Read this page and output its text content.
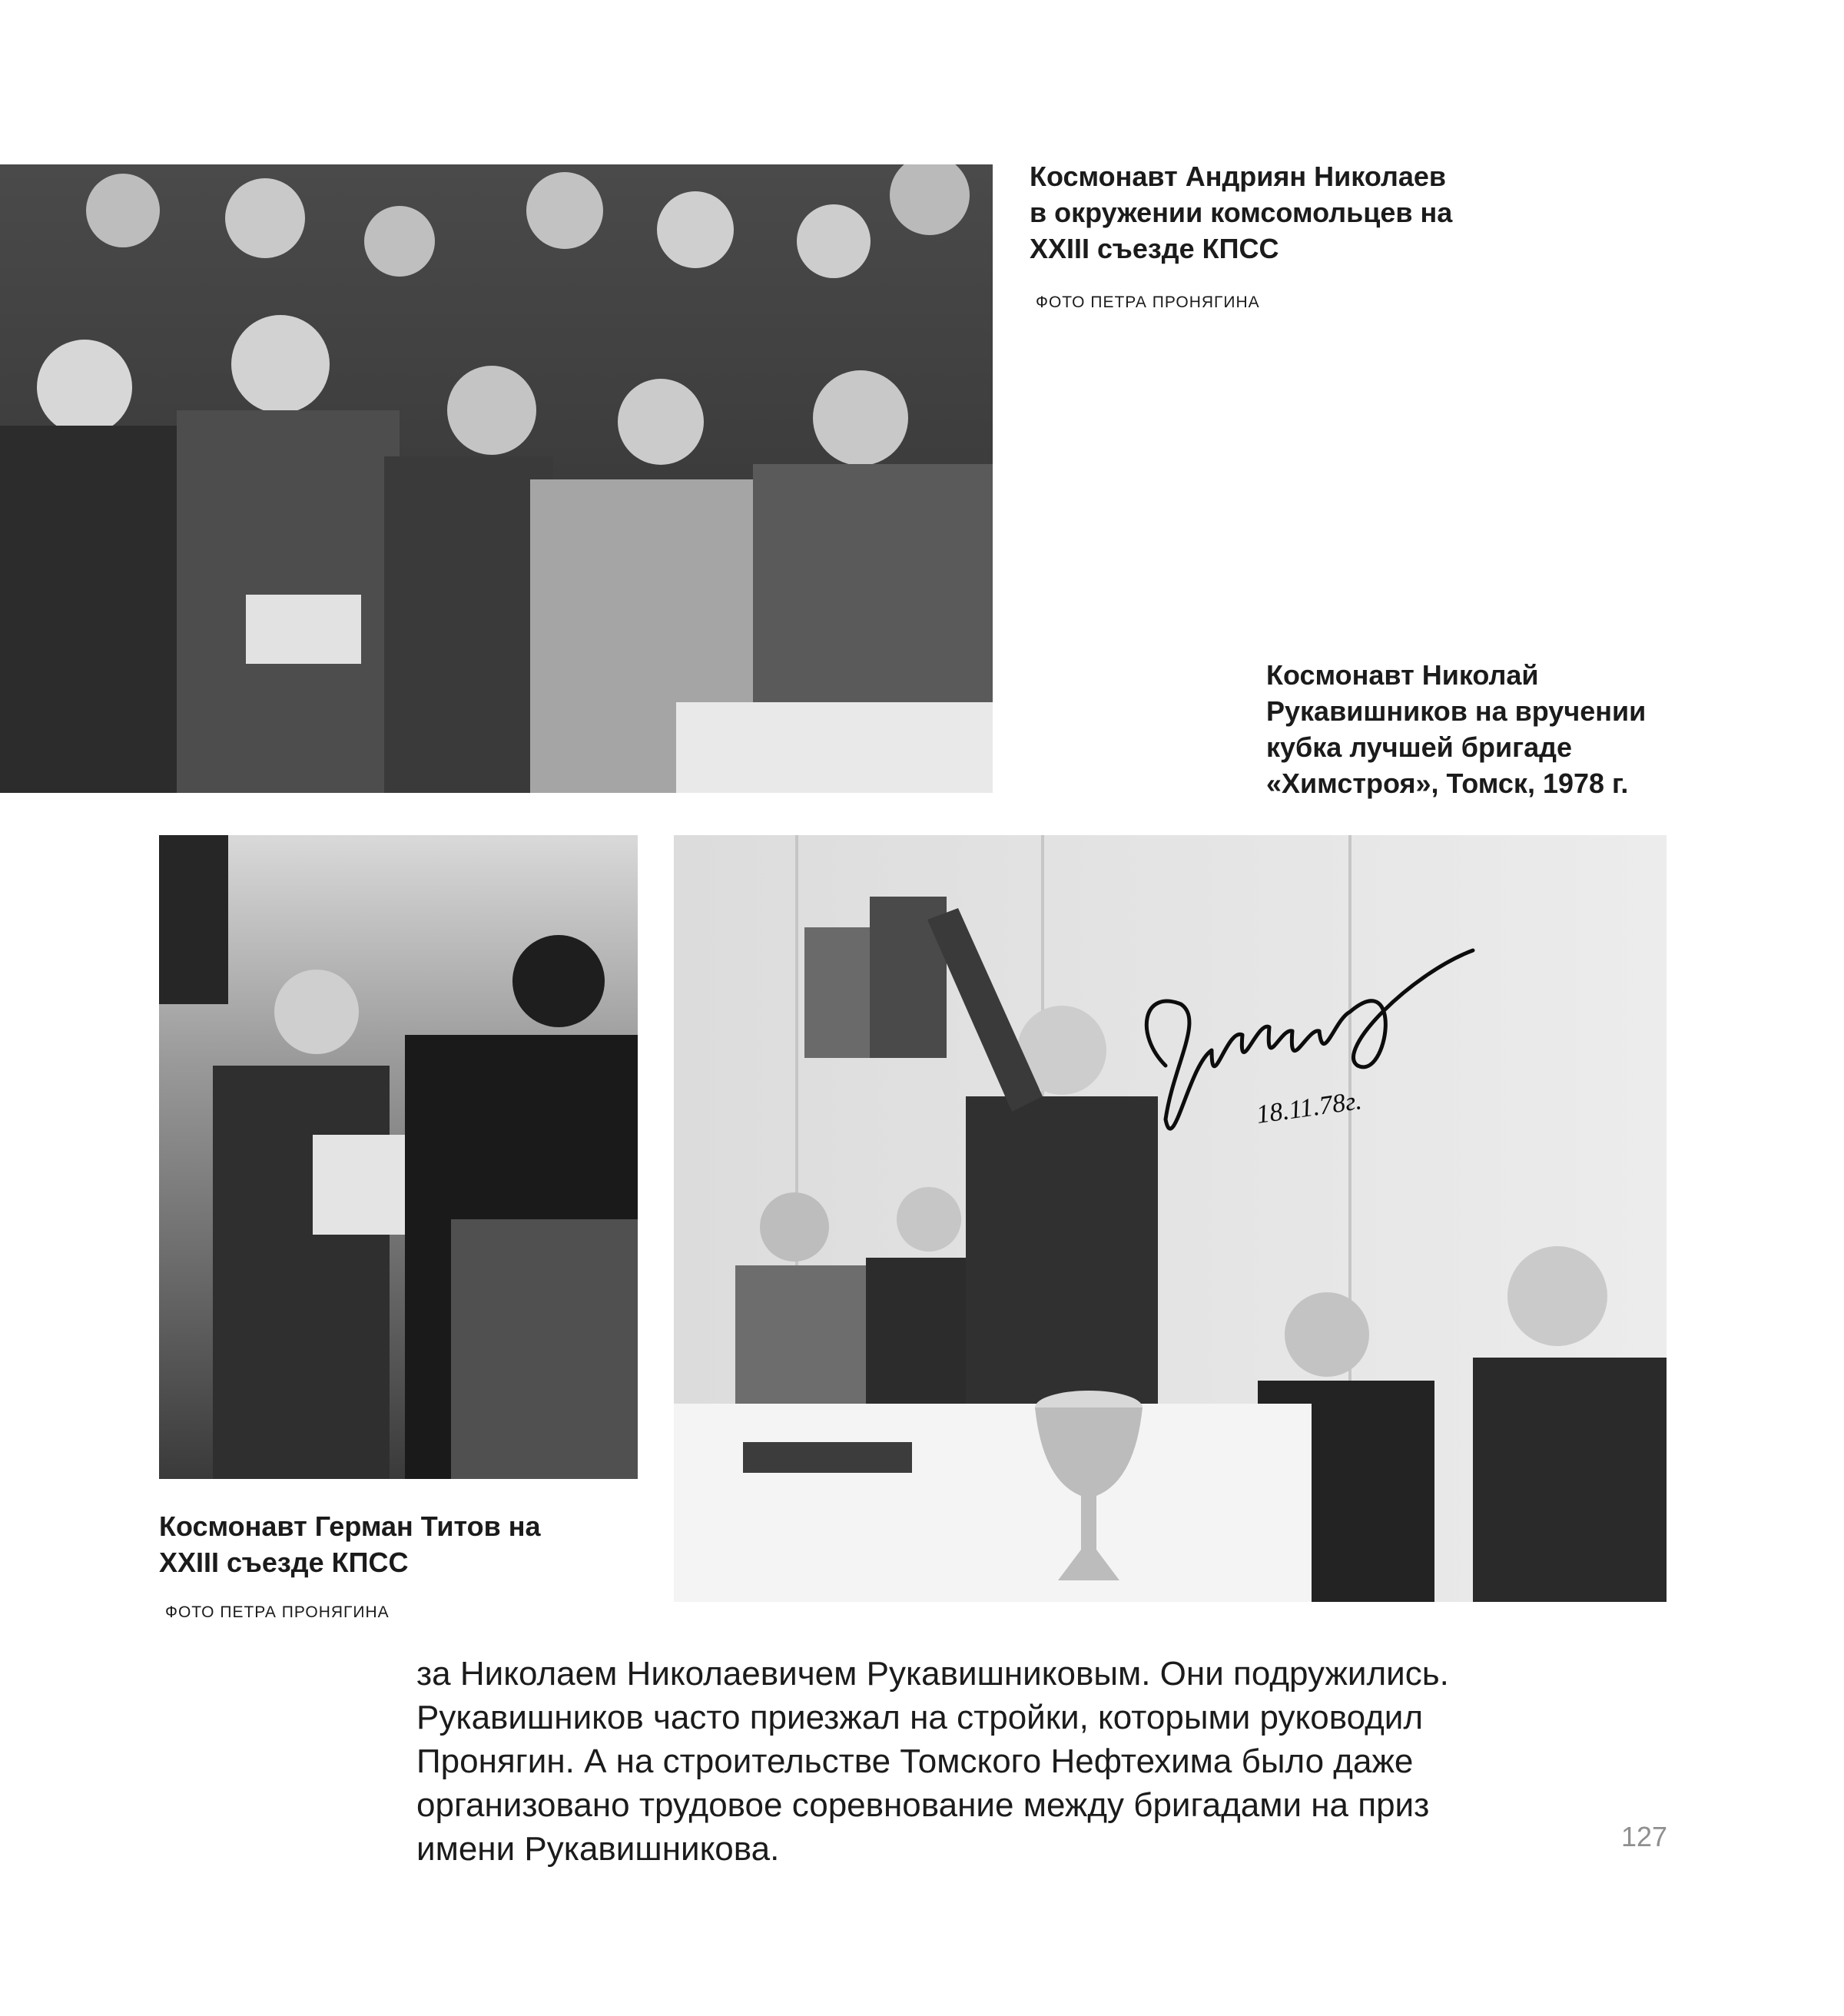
Космонавт Андриян Николаев
в окружении комсомольцев на
XXIII съезде КПСС
ФОТО ПЕТРА ПРОНЯГИНА
Космонавт Николай
Рукавишников на вручении
кубка лучшей бригаде
«Химстроя», Томск, 1978 г.
Космонавт Герман Титов на
XXIII съезде КПСС
ФОТО ПЕТРА ПРОНЯГИНА
18.11.78г.
за Николаем Николаевичем Рукавишниковым. Они подружились.
Рукавишников часто приезжал на стройки, которыми руководил
Пронягин. А на строительстве Томского Нефтехима было даже
организовано трудовое соревнование между бригадами на приз
имени Рукавишникова.	127
